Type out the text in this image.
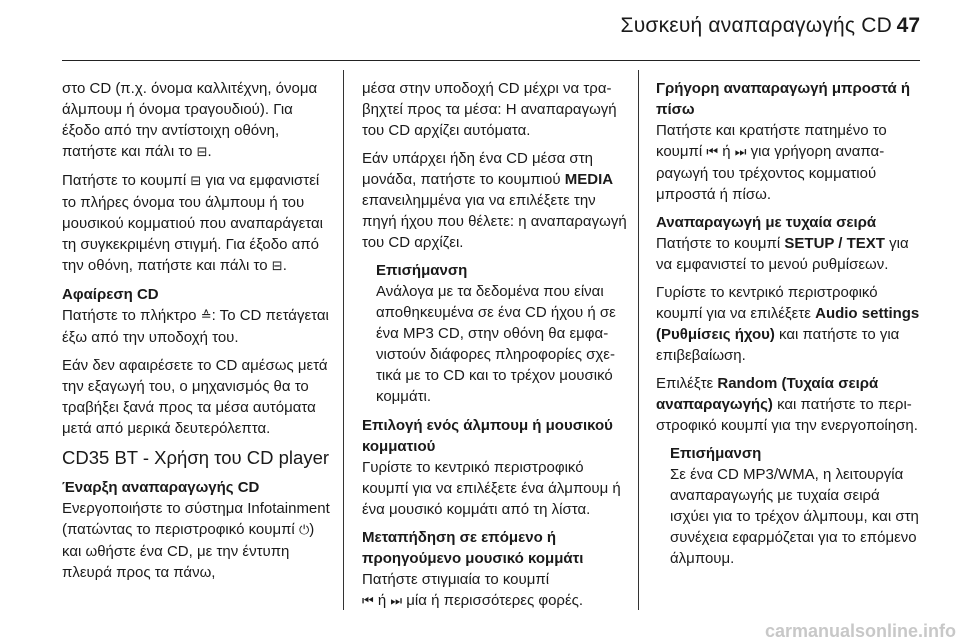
Συσκευή αναπαραγωγής CD 47

στο CD (π.χ. όνομα καλλιτέχνη, όνομα άλμπουμ ή όνομα τραγουδιού). Για έξοδο από την αντίστοιχη οθόνη, πατήστε και πάλι το ⊟.

Πατήστε το κουμπί ⊟ για να εμφανιστεί το πλήρες όνομα του άλμπουμ ή του μουσικού κομματιού που αναπαράγεται τη συγκεκριμένη στιγμή. Για έξοδο από την οθόνη, πατήστε και πάλι το ⊟.

Αφαίρεση CD

Πατήστε το πλήκτρο ≙: Το CD πετάγεται έξω από την υποδοχή του.

Εάν δεν αφαιρέσετε το CD αμέσως μετά την εξαγωγή του, ο μηχανισμός θα το τραβήξει ξανά προς τα μέσα αυτόματα μετά από μερικά δευτερόλεπτα.

CD35 BT - Χρήση του CD player

Έναρξη αναπαραγωγής CD

Ενεργοποιήστε το σύστημα Infotainment (πατώντας το περιστροφικό κουμπί ⏻) και ωθήστε ένα CD, με την έντυπη πλευρά προς τα πάνω,

μέσα στην υποδοχή CD μέχρι να τραβηχτεί προς τα μέσα: Η αναπαραγωγή του CD αρχίζει αυτόματα.

Εάν υπάρχει ήδη ένα CD μέσα στη μονάδα, πατήστε το κουμπιού MEDIA επανειλημμένα για να επιλέξετε την πηγή ήχου που θέλετε: η αναπαραγωγή του CD αρχίζει.

Επισήμανση
Ανάλογα με τα δεδομένα που είναι αποθηκευμένα σε ένα CD ήχου ή σε ένα MP3 CD, στην οθόνη θα εμφανιστούν διάφορες πληροφορίες σχετικά με το CD και το τρέχον μουσικό κομμάτι.

Επιλογή ενός άλμπουμ ή μουσικού κομματιού

Γυρίστε το κεντρικό περιστροφικό κουμπί για να επιλέξετε ένα άλμπουμ ή ένα μουσικό κομμάτι από τη λίστα.

Μεταπήδηση σε επόμενο ή προηγούμενο μουσικό κομμάτι

Πατήστε στιγμιαία το κουμπί
⏮ ή ⏭ μία ή περισσότερες φορές.

Γρήγορη αναπαραγωγή μπροστά ή πίσω

Πατήστε και κρατήστε πατημένο το κουμπί ⏮ ή ⏭ για γρήγορη αναπαραγωγή του τρέχοντος κομματιού μπροστά ή πίσω.

Αναπαραγωγή με τυχαία σειρά

Πατήστε το κουμπί SETUP / TEXT για να εμφανιστεί το μενού ρυθμίσεων.

Γυρίστε το κεντρικό περιστροφικό κουμπί για να επιλέξετε Audio settings (Ρυθμίσεις ήχου) και πατήστε το για επιβεβαίωση.

Επιλέξτε Random (Τυχαία σειρά αναπαραγωγής) και πατήστε το περιστροφικό κουμπί για την ενεργοποίηση.

Επισήμανση
Σε ένα CD MP3/WMA, η λειτουργία αναπαραγωγής με τυχαία σειρά ισχύει για το τρέχον άλμπουμ, και στη συνέχεια εφαρμόζεται για το επόμενο άλμπουμ.
carmanualsonline.info
